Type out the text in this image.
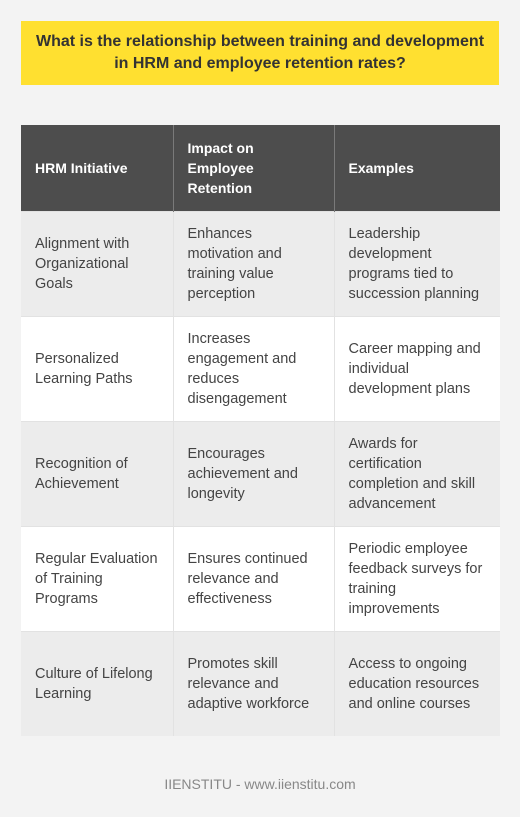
What is the relationship between training and development in HRM and employee retention rates?
HRM Initiative	Impact on Employee Retention	Examples
Alignment with Organizational Goals	Enhances motivation and training value perception	Leadership development programs tied to succession planning
Personalized Learning Paths	Increases engagement and reduces disengagement	Career mapping and individual development plans
Recognition of Achievement	Encourages achievement and longevity	Awards for certification completion and skill advancement
Regular Evaluation of Training Programs	Ensures continued relevance and effectiveness	Periodic employee feedback surveys for training improvements
Culture of Lifelong Learning	Promotes skill relevance and adaptive workforce	Access to ongoing education resources and online courses
IIENSTITU - www.iienstitu.com
